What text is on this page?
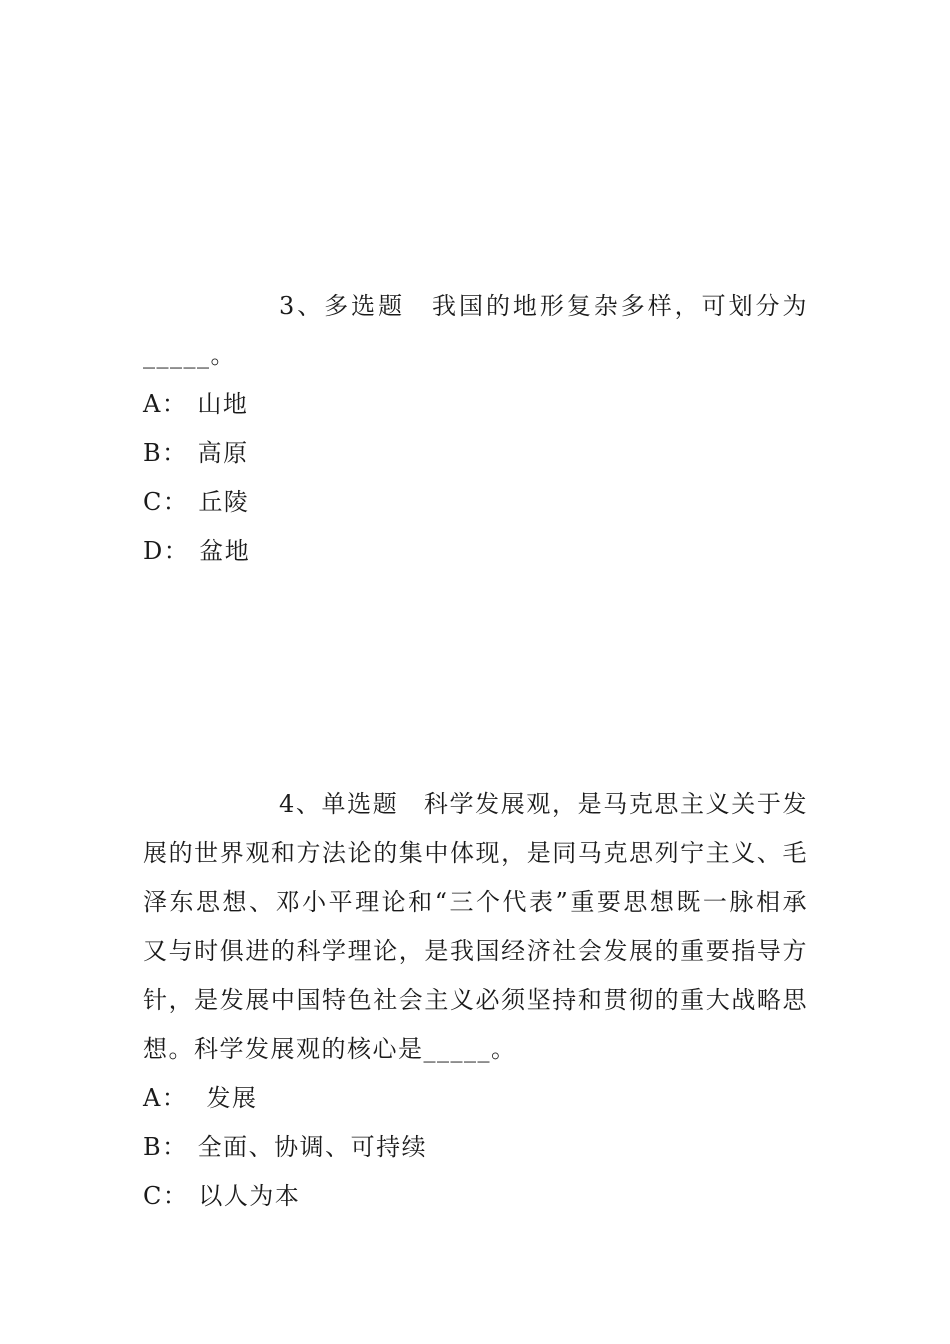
3、多选题　我国的地形复杂多样，可划分为_____。

A： 山地

B： 高原

C： 丘陵

D： 盆地

4、单选题　科学发展观，是马克思主义关于发展的世界观和方法论的集中体现，是同马克思列宁主义、毛泽东思想、邓小平理论和“三个代表”重要思想既一脉相承又与时俱进的科学理论，是我国经济社会发展的重要指导方针，是发展中国特色社会主义必须坚持和贯彻的重大战略思想。科学发展观的核心是_____。

A： 发展

B： 全面、协调、可持续

C： 以人为本
